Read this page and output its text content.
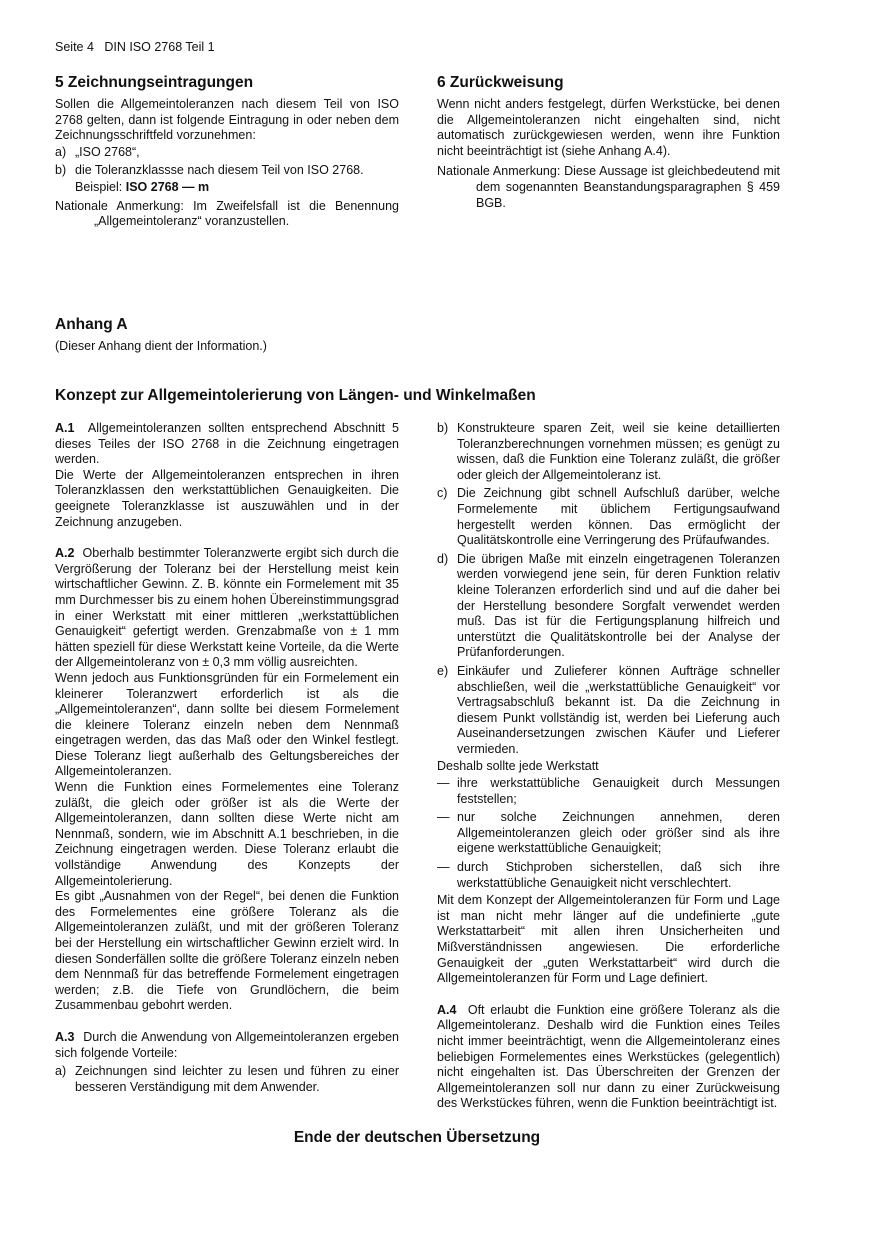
Seite 4 DIN ISO 2768 Teil 1
5 Zeichnungseintragungen

Sollen die Allgemeintoleranzen nach diesem Teil von ISO 2768 gelten, dann ist folgende Eintragung in oder neben dem Zeichnungsschriftfeld vorzunehmen:

a) „ISO 2768“,
b) die Toleranzklassse nach diesem Teil von ISO 2768.
Beispiel: ISO 2768 — m

Nationale Anmerkung: Im Zweifelsfall ist die Benennung „Allgemeintoleranz“ voranzustellen.

6 Zurückweisung

Wenn nicht anders festgelegt, dürfen Werkstücke, bei denen die Allgemeintoleranzen nicht eingehalten sind, nicht automatisch zurückgewiesen werden, wenn ihre Funktion nicht beeinträchtigt ist (siehe Anhang A.4).

Nationale Anmerkung: Diese Aussage ist gleichbedeutend mit dem sogenannten Beanstandungsparagraphen § 459 BGB.

Anhang A
(Dieser Anhang dient der Information.)
Konzept zur Allgemeintolerierung von Längen- und Winkelmaßen

A.1 Allgemeintoleranzen sollten entsprechend Abschnitt 5 dieses Teiles der ISO 2768 in die Zeichnung eingetragen werden.

Die Werte der Allgemeintoleranzen entsprechen in ihren Toleranzklassen den werkstattüblichen Genauigkeiten. Die geeignete Toleranzklasse ist auszuwählen und in der Zeichnung anzugeben.

A.2 Oberhalb bestimmter Toleranzwerte ergibt sich durch die Vergrößerung der Toleranz bei der Herstellung meist kein wirtschaftlicher Gewinn. Z. B. könnte ein Formelement mit 35 mm Durchmesser bis zu einem hohen Übereinstimmungsgrad in einer Werkstatt mit einer mittleren „werkstattüblichen Genauigkeit“ gefertigt werden. Grenzabmaße von ± 1 mm hätten speziell für diese Werkstatt keine Vorteile, da die Werte der Allgemeintoleranz von ± 0,3 mm völlig ausreichten.

Wenn jedoch aus Funktionsgründen für ein Formelement ein kleinerer Toleranzwert erforderlich ist als die „Allgemeintoleranzen“, dann sollte bei diesem Formelement die kleinere Toleranz einzeln neben dem Nennmaß eingetragen werden, das das Maß oder den Winkel festlegt. Diese Toleranz liegt außerhalb des Geltungsbereiches der Allgemeintoleranzen.

Wenn die Funktion eines Formelementes eine Toleranz zuläßt, die gleich oder größer ist als die Werte der Allgemeintoleranzen, dann sollten diese Werte nicht am Nennmaß, sondern, wie im Abschnitt A.1 beschrieben, in die Zeichnung eingetragen werden. Diese Toleranz erlaubt die vollständige Anwendung des Konzepts der Allgemeintolerierung.

Es gibt „Ausnahmen von der Regel“, bei denen die Funktion des Formelementes eine größere Toleranz als die Allgemeintoleranzen zuläßt, und mit der größeren Toleranz bei der Herstellung ein wirtschaftlicher Gewinn erzielt wird. In diesen Sonderfällen sollte die größere Toleranz einzeln neben dem Nennmaß für das betreffende Formelement eingetragen werden; z.B. die Tiefe von Grundlöchern, die beim Zusammenbau gebohrt werden.

A.3 Durch die Anwendung von Allgemeintoleranzen ergeben sich folgende Vorteile:

a) Zeichnungen sind leichter zu lesen und führen zu einer besseren Verständigung mit dem Anwender.
b) Konstrukteure sparen Zeit, weil sie keine detaillierten Toleranzberechnungen vornehmen müssen; es genügt zu wissen, daß die Funktion eine Toleranz zuläßt, die größer oder gleich der Allgemeintoleranz ist.
c) Die Zeichnung gibt schnell Aufschluß darüber, welche Formelemente mit üblichem Fertigungsaufwand hergestellt werden können. Das ermöglicht der Qualitätskontrolle eine Verringerung des Prüfaufwandes.
d) Die übrigen Maße mit einzeln eingetragenen Toleranzen werden vorwiegend jene sein, für deren Funktion relativ kleine Toleranzen erforderlich sind und auf die daher bei der Herstellung besondere Sorgfalt verwendet werden muß. Das ist für die Fertigungsplanung hilfreich und unterstützt die Qualitätskontrolle bei der Analyse der Prüfanforderungen.
e) Einkäufer und Zulieferer können Aufträge schneller abschließen, weil die „werkstattübliche Genauigkeit“ vor Vertragsabschluß bekannt ist. Da die Zeichnung in diesem Punkt vollständig ist, werden bei Lieferung auch Auseinandersetzungen zwischen Käufer und Lieferer vermieden.

Deshalb sollte jede Werkstatt

— ihre werkstattübliche Genauigkeit durch Messungen feststellen;
— nur solche Zeichnungen annehmen, deren Allgemeintoleranzen gleich oder größer sind als ihre eigene werkstattübliche Genauigkeit;
— durch Stichproben sicherstellen, daß sich ihre werkstattübliche Genauigkeit nicht verschlechtert.

Mit dem Konzept der Allgemeintoleranzen für Form und Lage ist man nicht mehr länger auf die undefinierte „gute Werkstattarbeit“ mit allen ihren Unsicherheiten und Mißverständnissen angewiesen. Die erforderliche Genauigkeit der „guten Werkstattarbeit“ wird durch die Allgemeintoleranzen für Form und Lage definiert.

A.4 Oft erlaubt die Funktion eine größere Toleranz als die Allgemeintoleranz. Deshalb wird die Funktion eines Teiles nicht immer beeinträchtigt, wenn die Allgemeintoleranz eines beliebigen Formelementes eines Werkstückes (gelegentlich) nicht eingehalten ist. Das Überschreiten der Grenzen der Allgemeintoleranzen soll nur dann zu einer Zurückweisung des Werkstückes führen, wenn die Funktion beeinträchtigt ist.

Ende der deutschen Übersetzung
